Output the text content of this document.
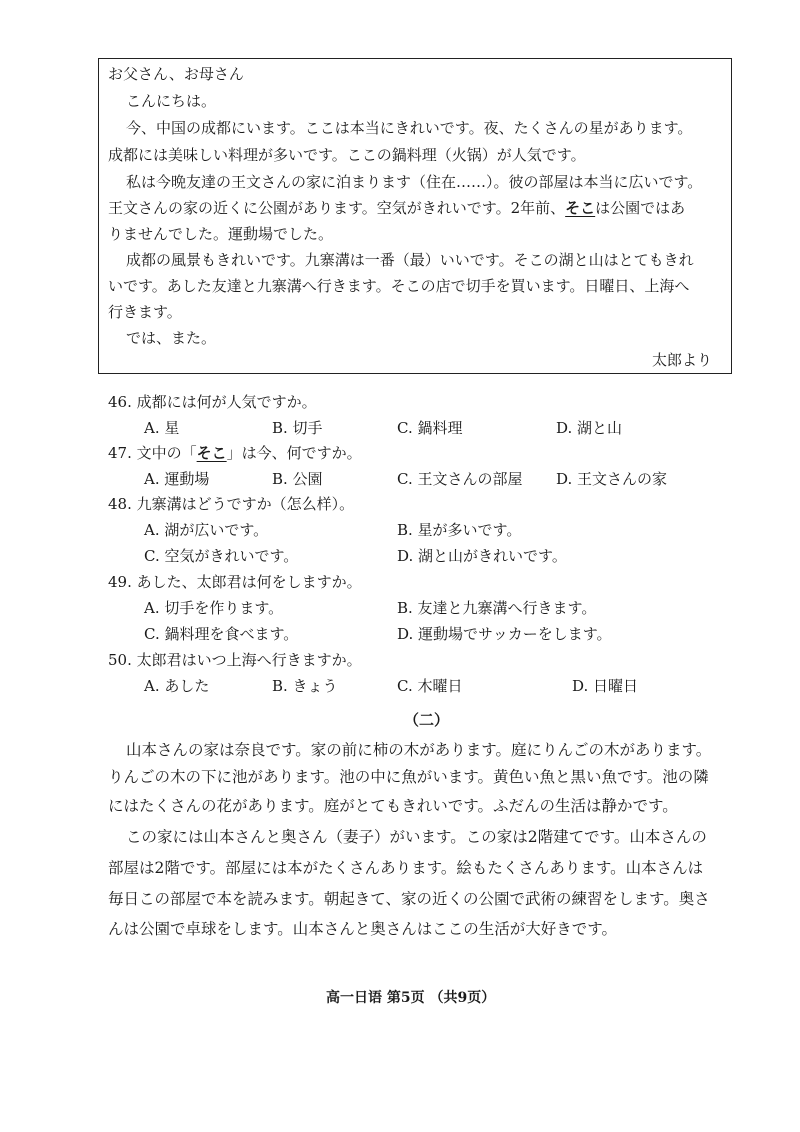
お父さん、お母さん
こんにちは。
今、中国の成都にいます。ここは本当にきれいです。夜、たくさんの星があります。
成都には美味しい料理が多いです。ここの鍋料理（火锅）が人気です。
私は今晩友達の王文さんの家に泊まります（住在……）。彼の部屋は本当に広いです。
王文さんの家の近くに公園があります。空気がきれいです。2年前、そこは公園ではあ
りませんでした。運動場でした。
成都の風景もきれいです。九寨溝は一番（最）いいです。そこの湖と山はとてもきれ
いです。あした友達と九寨溝へ行きます。そこの店で切手を買います。日曜日、上海へ
行きます。
では、また。
太郎より
46. 成都には何が人気ですか。
A. 星	B. 切手	C. 鍋料理	D. 湖と山
47. 文中の「そこ」は今、何ですか。
A. 運動場	B. 公園	C. 王文さんの部屋 D. 王文さんの家
48. 九寨溝はどうですか（怎么样）。
A. 湖が広いです。	B. 星が多いです。
C. 空気がきれいです。	D. 湖と山がきれいです。
49. あした、太郎君は何をしますか。
A. 切手を作ります。	B. 友達と九寨溝へ行きます。
C. 鍋料理を食べます。	D. 運動場でサッカーをします。
50. 太郎君はいつ上海へ行きますか。
A. あした	B. きょう	C. 木曜日	D. 日曜日
（二）
山本さんの家は奈良です。家の前に柿の木があります。庭にりんごの木があります。
りんごの木の下に池があります。池の中に魚がいます。黄色い魚と黒い魚です。池の隣
にはたくさんの花があります。庭がとてもきれいです。ふだんの生活は静かです。
この家には山本さんと奥さん（妻子）がいます。この家は2階建てです。山本さんの
部屋は2階です。部屋には本がたくさんあります。絵もたくさんあります。山本さんは
毎日この部屋で本を読みます。朝起きて、家の近くの公園で武術の練習をします。奥さ
んは公園で卓球をします。山本さんと奥さんはここの生活が大好きです。
高一日语 第5页 （共9页）
